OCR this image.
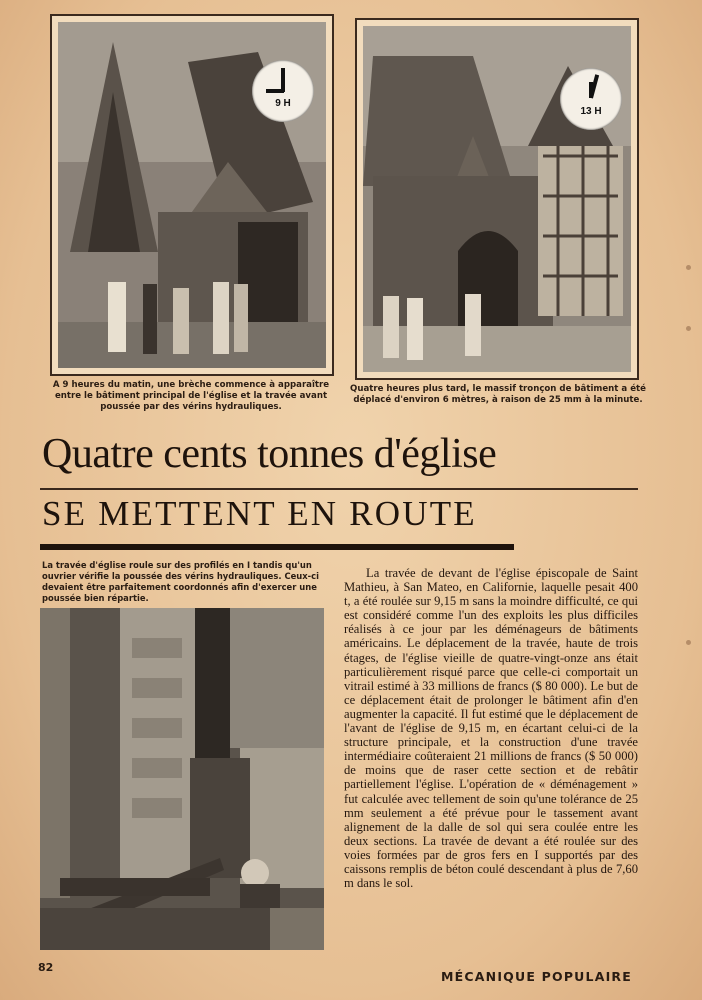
9 H
A 9 heures du matin, une brèche commence à apparaître entre le bâtiment principal de l'église et la travée avant poussée par des vérins hydrauliques.
13 H
Quatre heures plus tard, le massif tronçon de bâtiment a été déplacé d'environ 6 mètres, à raison de 25 mm à la minute.
Quatre cents tonnes d'église
SE METTENT EN ROUTE
La travée d'église roule sur des profilés en I tandis qu'un ouvrier vérifie la poussée des vérins hydrauliques. Ceux-ci devaient être parfaitement coordonnés afin d'exercer une poussée bien répartie.

La travée de devant de l'église épiscopale de Saint Mathieu, à San Mateo, en Californie, laquelle pesait 400 t, a été roulée sur 9,15 m sans la moindre difficulté, ce qui est considéré comme l'un des exploits les plus difficiles réalisés à ce jour par les déménageurs de bâtiments américains. Le déplacement de la travée, haute de trois étages, de l'église vieille de quatre-vingt-onze ans était particulièrement risqué parce que celle-ci comportait un vitrail estimé à 33 millions de francs ($ 80 000). Le but de ce déplacement était de prolonger le bâtiment afin d'en augmenter la capacité. Il fut estimé que le déplacement de l'avant de l'église de 9,15 m, en écartant celui-ci de la structure principale, et la construction d'une travée intermédiaire coûteraient 21 millions de francs ($ 50 000) de moins que de raser cette section et de rebâtir partiellement l'église. L'opération de « déménagement » fut calculée avec tellement de soin qu'une tolérance de 25 mm seulement a été prévue pour le tassement avant alignement de la dalle de sol qui sera coulée entre les deux sections. La travée de devant a été roulée sur des voies formées par de gros fers en I supportés par des caissons remplis de béton coulé descendant à plus de 7,60 m dans le sol.

82
MÉCANIQUE POPULAIRE
